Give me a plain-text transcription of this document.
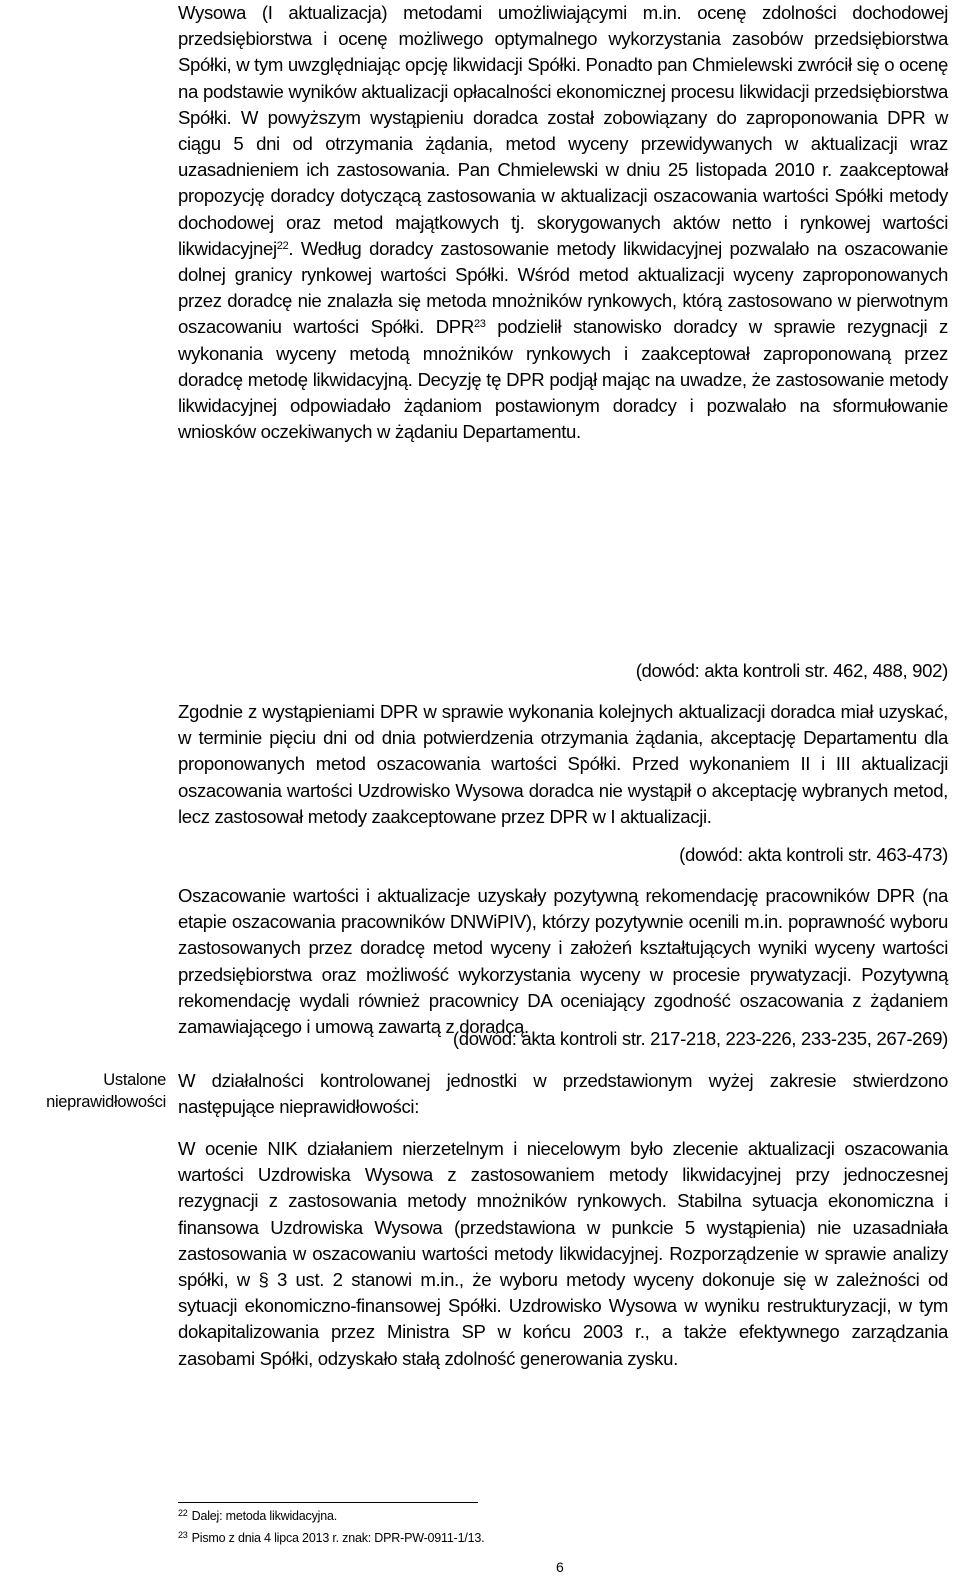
Wysowa (I aktualizacja) metodami umożliwiającymi m.in. ocenę zdolności dochodowej przedsiębiorstwa i ocenę możliwego optymalnego wykorzystania zasobów przedsiębiorstwa Spółki, w tym uwzględniając opcję likwidacji Spółki. Ponadto pan Chmielewski zwrócił się o ocenę na podstawie wyników aktualizacji opłacalności ekonomicznej procesu likwidacji przedsiębiorstwa Spółki. W powyższym wystąpieniu doradca został zobowiązany do zaproponowania DPR w ciągu 5 dni od otrzymania żądania, metod wyceny przewidywanych w aktualizacji wraz uzasadnieniem ich zastosowania. Pan Chmielewski w dniu 25 listopada 2010 r. zaakceptował propozycję doradcy dotyczącą zastosowania w aktualizacji oszacowania wartości Spółki metody dochodowej oraz metod majątkowych tj. skorygowanych aktów netto i rynkowej wartości likwidacyjnej$^{22}$. Według doradcy zastosowanie metody likwidacyjnej pozwalało na oszacowanie dolnej granicy rynkowej wartości Spółki. Wśród metod aktualizacji wyceny zaproponowanych przez doradcę nie znalazła się metoda mnożników rynkowych, którą zastosowano w pierwotnym oszacowaniu wartości Spółki. DPR$^{23}$ podzielił stanowisko doradcy w sprawie rezygnacji z wykonania wyceny metodą mnożników rynkowych i zaakceptował zaproponowaną przez doradcę metodę likwidacyjną. Decyzję tę DPR podjął mając na uwadze, że zastosowanie metody likwidacyjnej odpowiadało żądaniom postawionym doradcy i pozwalało na sformułowanie wniosków oczekiwanych w żądaniu Departamentu.

(dowód: akta kontroli str. 462, 488, 902)

Zgodnie z wystąpieniami DPR w sprawie wykonania kolejnych aktualizacji doradca miał uzyskać, w terminie pięciu dni od dnia potwierdzenia otrzymania żądania, akceptację Departamentu dla proponowanych metod oszacowania wartości Spółki. Przed wykonaniem II i III aktualizacji oszacowania wartości Uzdrowisko Wysowa doradca nie wystąpił o akceptację wybranych metod, lecz zastosował metody zaakceptowane przez DPR w I aktualizacji.

(dowód: akta kontroli str. 463-473)

Oszacowanie wartości i aktualizacje uzyskały pozytywną rekomendację pracowników DPR (na etapie oszacowania pracowników DNWiPIV), którzy pozytywnie ocenili m.in. poprawność wyboru zastosowanych przez doradcę metod wyceny i założeń kształtujących wyniki wyceny wartości przedsiębiorstwa oraz możliwość wykorzystania wyceny w procesie prywatyzacji. Pozytywną rekomendację wydali również pracownicy DA oceniający zgodność oszacowania z żądaniem zamawiającego i umową zawartą z doradcą.

(dowód: akta kontroli str. 217-218, 223-226, 233-235, 267-269)
Ustalone
nieprawidłowości

W działalności kontrolowanej jednostki w przedstawionym wyżej zakresie stwierdzono następujące nieprawidłowości:

W ocenie NIK działaniem nierzetelnym i niecelowym było zlecenie aktualizacji oszacowania wartości Uzdrowiska Wysowa z zastosowaniem metody likwidacyjnej przy jednoczesnej rezygnacji z zastosowania metody mnożników rynkowych. Stabilna sytuacja ekonomiczna i finansowa Uzdrowiska Wysowa (przedstawiona w punkcie 5 wystąpienia) nie uzasadniała zastosowania w oszacowaniu wartości metody likwidacyjnej. Rozporządzenie w sprawie analizy spółki, w § 3 ust. 2 stanowi m.in., że wyboru metody wyceny dokonuje się w zależności od sytuacji ekonomiczno-finansowej Spółki. Uzdrowisko Wysowa w wyniku restrukturyzacji, w tym dokapitalizowania przez Ministra SP w końcu 2003 r., a także efektywnego zarządzania zasobami Spółki, odzyskało stałą zdolność generowania zysku.

$^{22}$ Dalej: metoda likwidacyjna.
$^{23}$ Pismo z dnia 4 lipca 2013 r. znak: DPR-PW-0911-1/13.
6
